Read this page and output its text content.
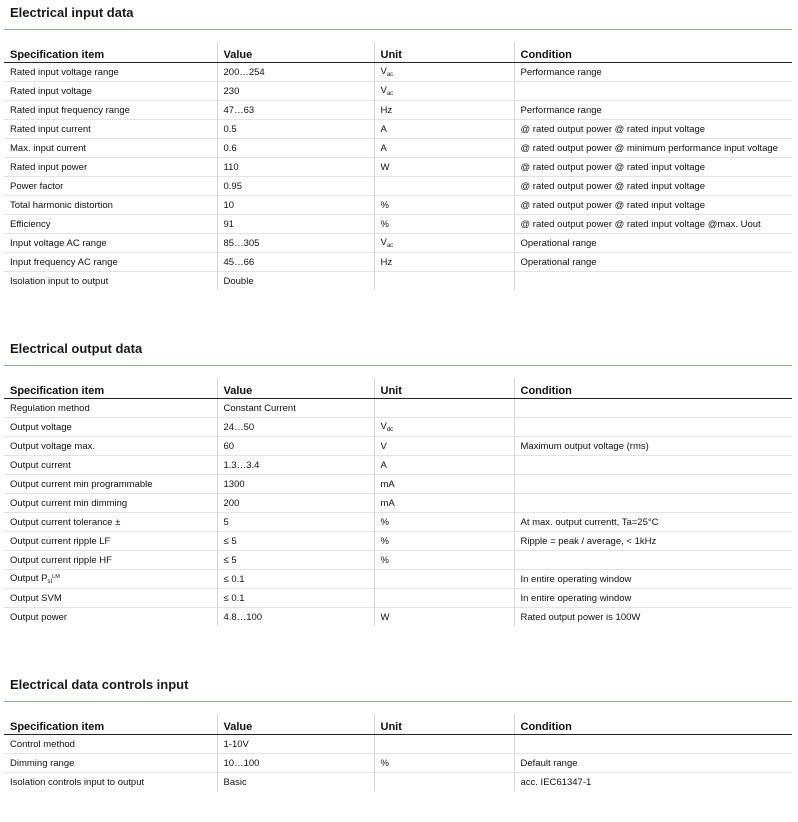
Electrical input data
Specification item	Value	Unit	Condition
Rated input voltage range	200…254	$V_{ac}$	Performance range
Rated input voltage	230	$V_{ac}$	
Rated input frequency range	47…63	Hz	Performance range
Rated input current	0.5	A	@ rated output power @ rated input voltage
Max. input current	0.6	A	@ rated output power @ minimum performance input voltage
Rated input power	110	W	@ rated output power @ rated input voltage
Power factor	0.95		@ rated output power @ rated input voltage
Total harmonic distortion	10	%	@ rated output power @ rated input voltage
Efficiency	91	%	@ rated output power @ rated input voltage @max. Uout
Input voltage AC range	85…305	$V_{ac}$	Operational range
Input frequency AC range	45…66	Hz	Operational range
Isolation input to output	Double		
Electrical output data
Specification item	Value	Unit	Condition
Regulation method	Constant Current		
Output voltage	24…50	$V_{dc}$	
Output voltage max.	60	V	Maximum output voltage (rms)
Output current	1.3…3.4	A	
Output current min programmable	1300	mA	
Output current min dimming	200	mA	
Output current tolerance ±	5	%	At max. output currentt, Ta=25°C
Output current ripple LF	≤ 5	%	Ripple = peak / average, < 1kHz
Output current ripple HF	≤ 5	%	
Output $P_{st}^{LM}$	≤ 0.1		In entire operating window
Output SVM	≤ 0.1		In entire operating window
Output power	4.8…100	W	Rated output power is 100W
Electrical data controls input
Specification item	Value	Unit	Condition
Control method	1-10V		
Dimming range	10…100	%	Default range
Isolation controls input to output	Basic		acc. IEC61347-1
